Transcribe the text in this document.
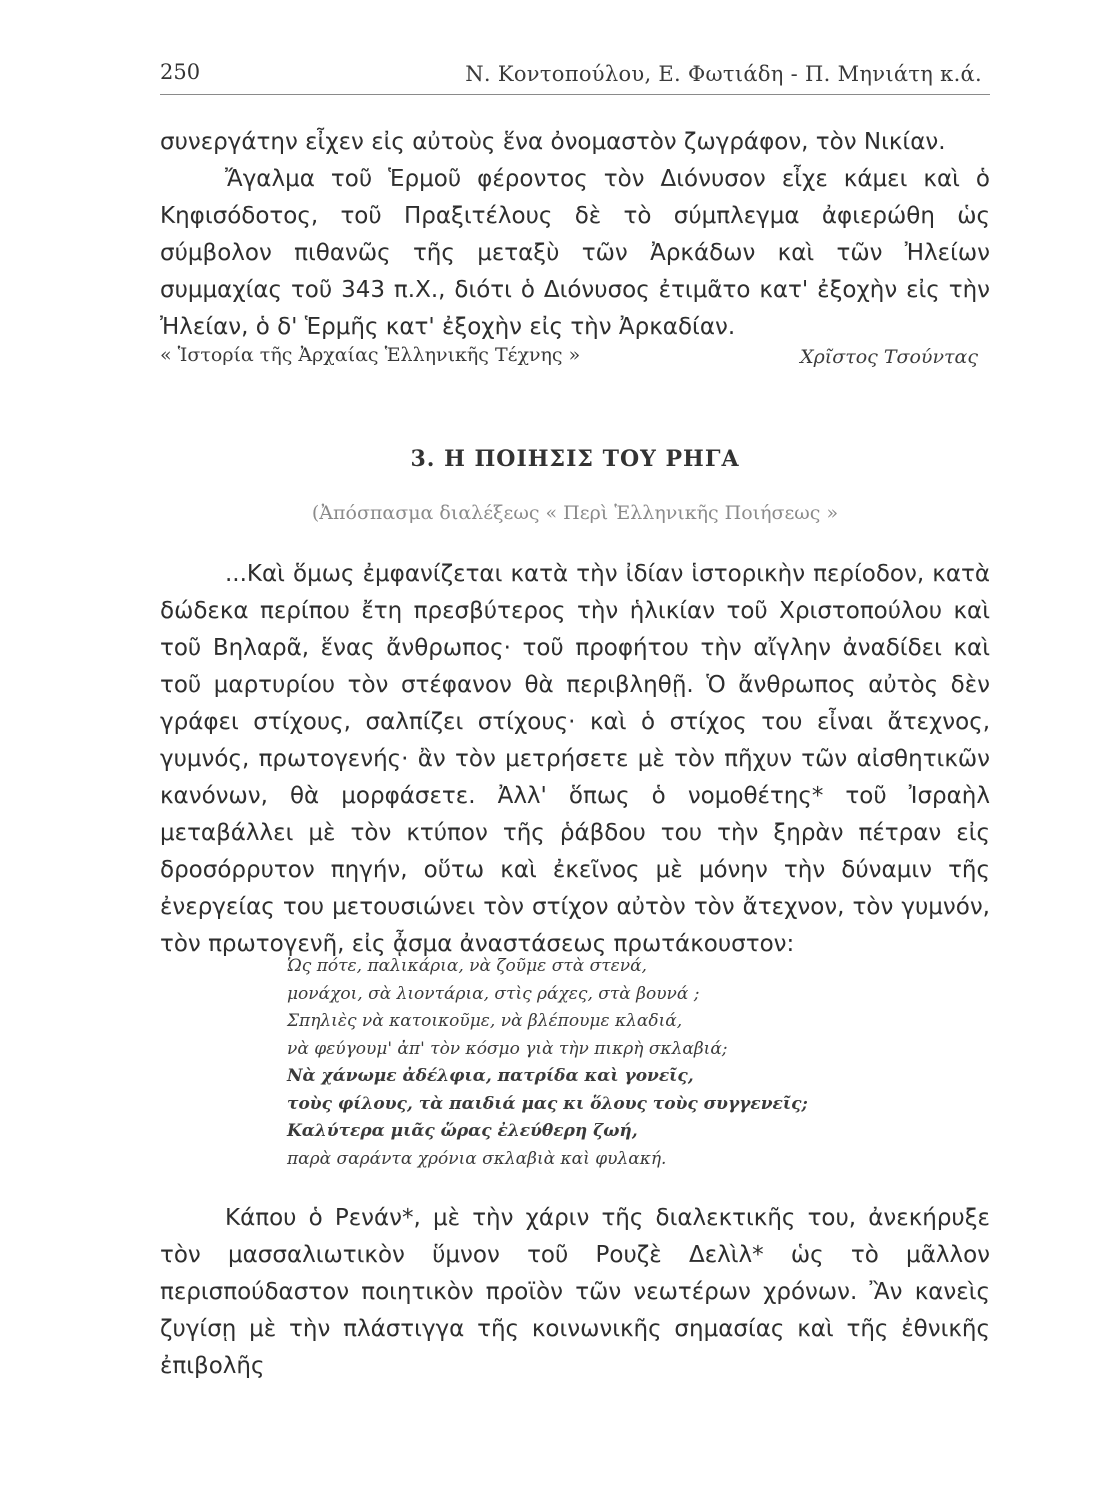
250	Ν. Κοντοπούλου, Ε. Φωτιάδη - Π. Μηνιάτη κ.ά.
συνεργάτην εἶχεν εἰς αὐτοὺς ἕνα ὀνομαστὸν ζωγράφον, τὸν Νικίαν.
Ἄγαλμα τοῦ Ἑρμοῦ φέροντος τὸν Διόνυσον εἶχε κάμει καὶ ὁ Κηφισόδοτος, τοῦ Πραξιτέλους δὲ τὸ σύμπλεγμα ἀφιερώθη ὡς σύμβολον πιθανῶς τῆς μεταξὺ τῶν Ἀρκάδων καὶ τῶν Ἠλείων συμμαχίας τοῦ 343 π.Χ., διότι ὁ Διόνυσος ἐτιμᾶτο κατ' ἐξοχὴν εἰς τὴν Ἠλείαν, ὁ δ' Ἑρμῆς κατ' ἐξοχὴν εἰς τὴν Ἀρκαδίαν.
« Ἱστορία τῆς Ἀρχαίας Ἑλληνικῆς Τέχνης »	Χρῖστος Τσούντας
3. Η ΠΟΙΗΣΙΣ ΤΟΥ ΡΗΓΑ
(Ἀπόσπασμα διαλέξεως « Περὶ Ἑλληνικῆς Ποιήσεως »

...Καὶ ὅμως ἐμφανίζεται κατὰ τὴν ἰδίαν ἱστορικὴν περίοδον, κατὰ δώδεκα περίπου ἔτη πρεσβύτερος τὴν ἡλικίαν τοῦ Χριστοπούλου καὶ τοῦ Βηλαρᾶ, ἕνας ἄνθρωπος· τοῦ προφήτου τὴν αἴγλην ἀναδίδει καὶ τοῦ μαρτυρίου τὸν στέφανον θὰ περιβληθῇ. Ὁ ἄνθρωπος αὐτὸς δὲν γράφει στίχους, σαλπίζει στίχους· καὶ ὁ στίχος του εἶναι ἄτεχνος, γυμνός, πρωτογενής· ἂν τὸν μετρήσετε μὲ τὸν πῆχυν τῶν αἰσθητικῶν κανόνων, θὰ μορφάσετε. Ἀλλ' ὅπως ὁ νομοθέτης* τοῦ Ἰσραὴλ μεταβάλλει μὲ τὸν κτύπον τῆς ῥάβδου του τὴν ξηρὰν πέτραν εἰς δροσόρρυτον πηγήν, οὕτω καὶ ἐκεῖνος μὲ μόνην τὴν δύναμιν τῆς ἐνεργείας του μετουσιώνει τὸν στίχον αὐτὸν τὸν ἄτεχνον, τὸν γυμνόν, τὸν πρωτογενῆ, εἰς ᾆσμα ἀναστάσεως πρωτάκουστον:

Ὡς πότε, παλικάρια, νὰ ζοῦμε στὰ στενά,
μονάχοι, σὰ λιοντάρια, στὶς ράχες, στὰ βουνά ;
Σπηλιὲς νὰ κατοικοῦμε, νὰ βλέπουμε κλαδιά,
νὰ φεύγουμ' ἀπ' τὸν κόσμο γιὰ τὴν πικρὴ σκλαβιά;
Νὰ χάνωμε ἀδέλφια, πατρίδα καὶ γονεῖς,
τοὺς φίλους, τὰ παιδιά μας κι ὅλους τοὺς συγγενεῖς;
Καλύτερα μιᾶς ὥρας ἐλεύθερη ζωή,
παρὰ σαράντα χρόνια σκλαβιὰ καὶ φυλακή.

Κάπου ὁ Ρενάν*, μὲ τὴν χάριν τῆς διαλεκτικῆς του, ἀνεκήρυξε τὸν μασσαλιωτικὸν ὕμνον τοῦ Ρουζὲ Δελὶλ* ὡς τὸ μᾶλλον περισπούδαστον ποιητικὸν προϊὸν τῶν νεωτέρων χρόνων. Ἂν κανεὶς ζυγίσῃ μὲ τὴν πλάστιγγα τῆς κοινωνικῆς σημασίας καὶ τῆς ἐθνικῆς ἐπιβολῆς
